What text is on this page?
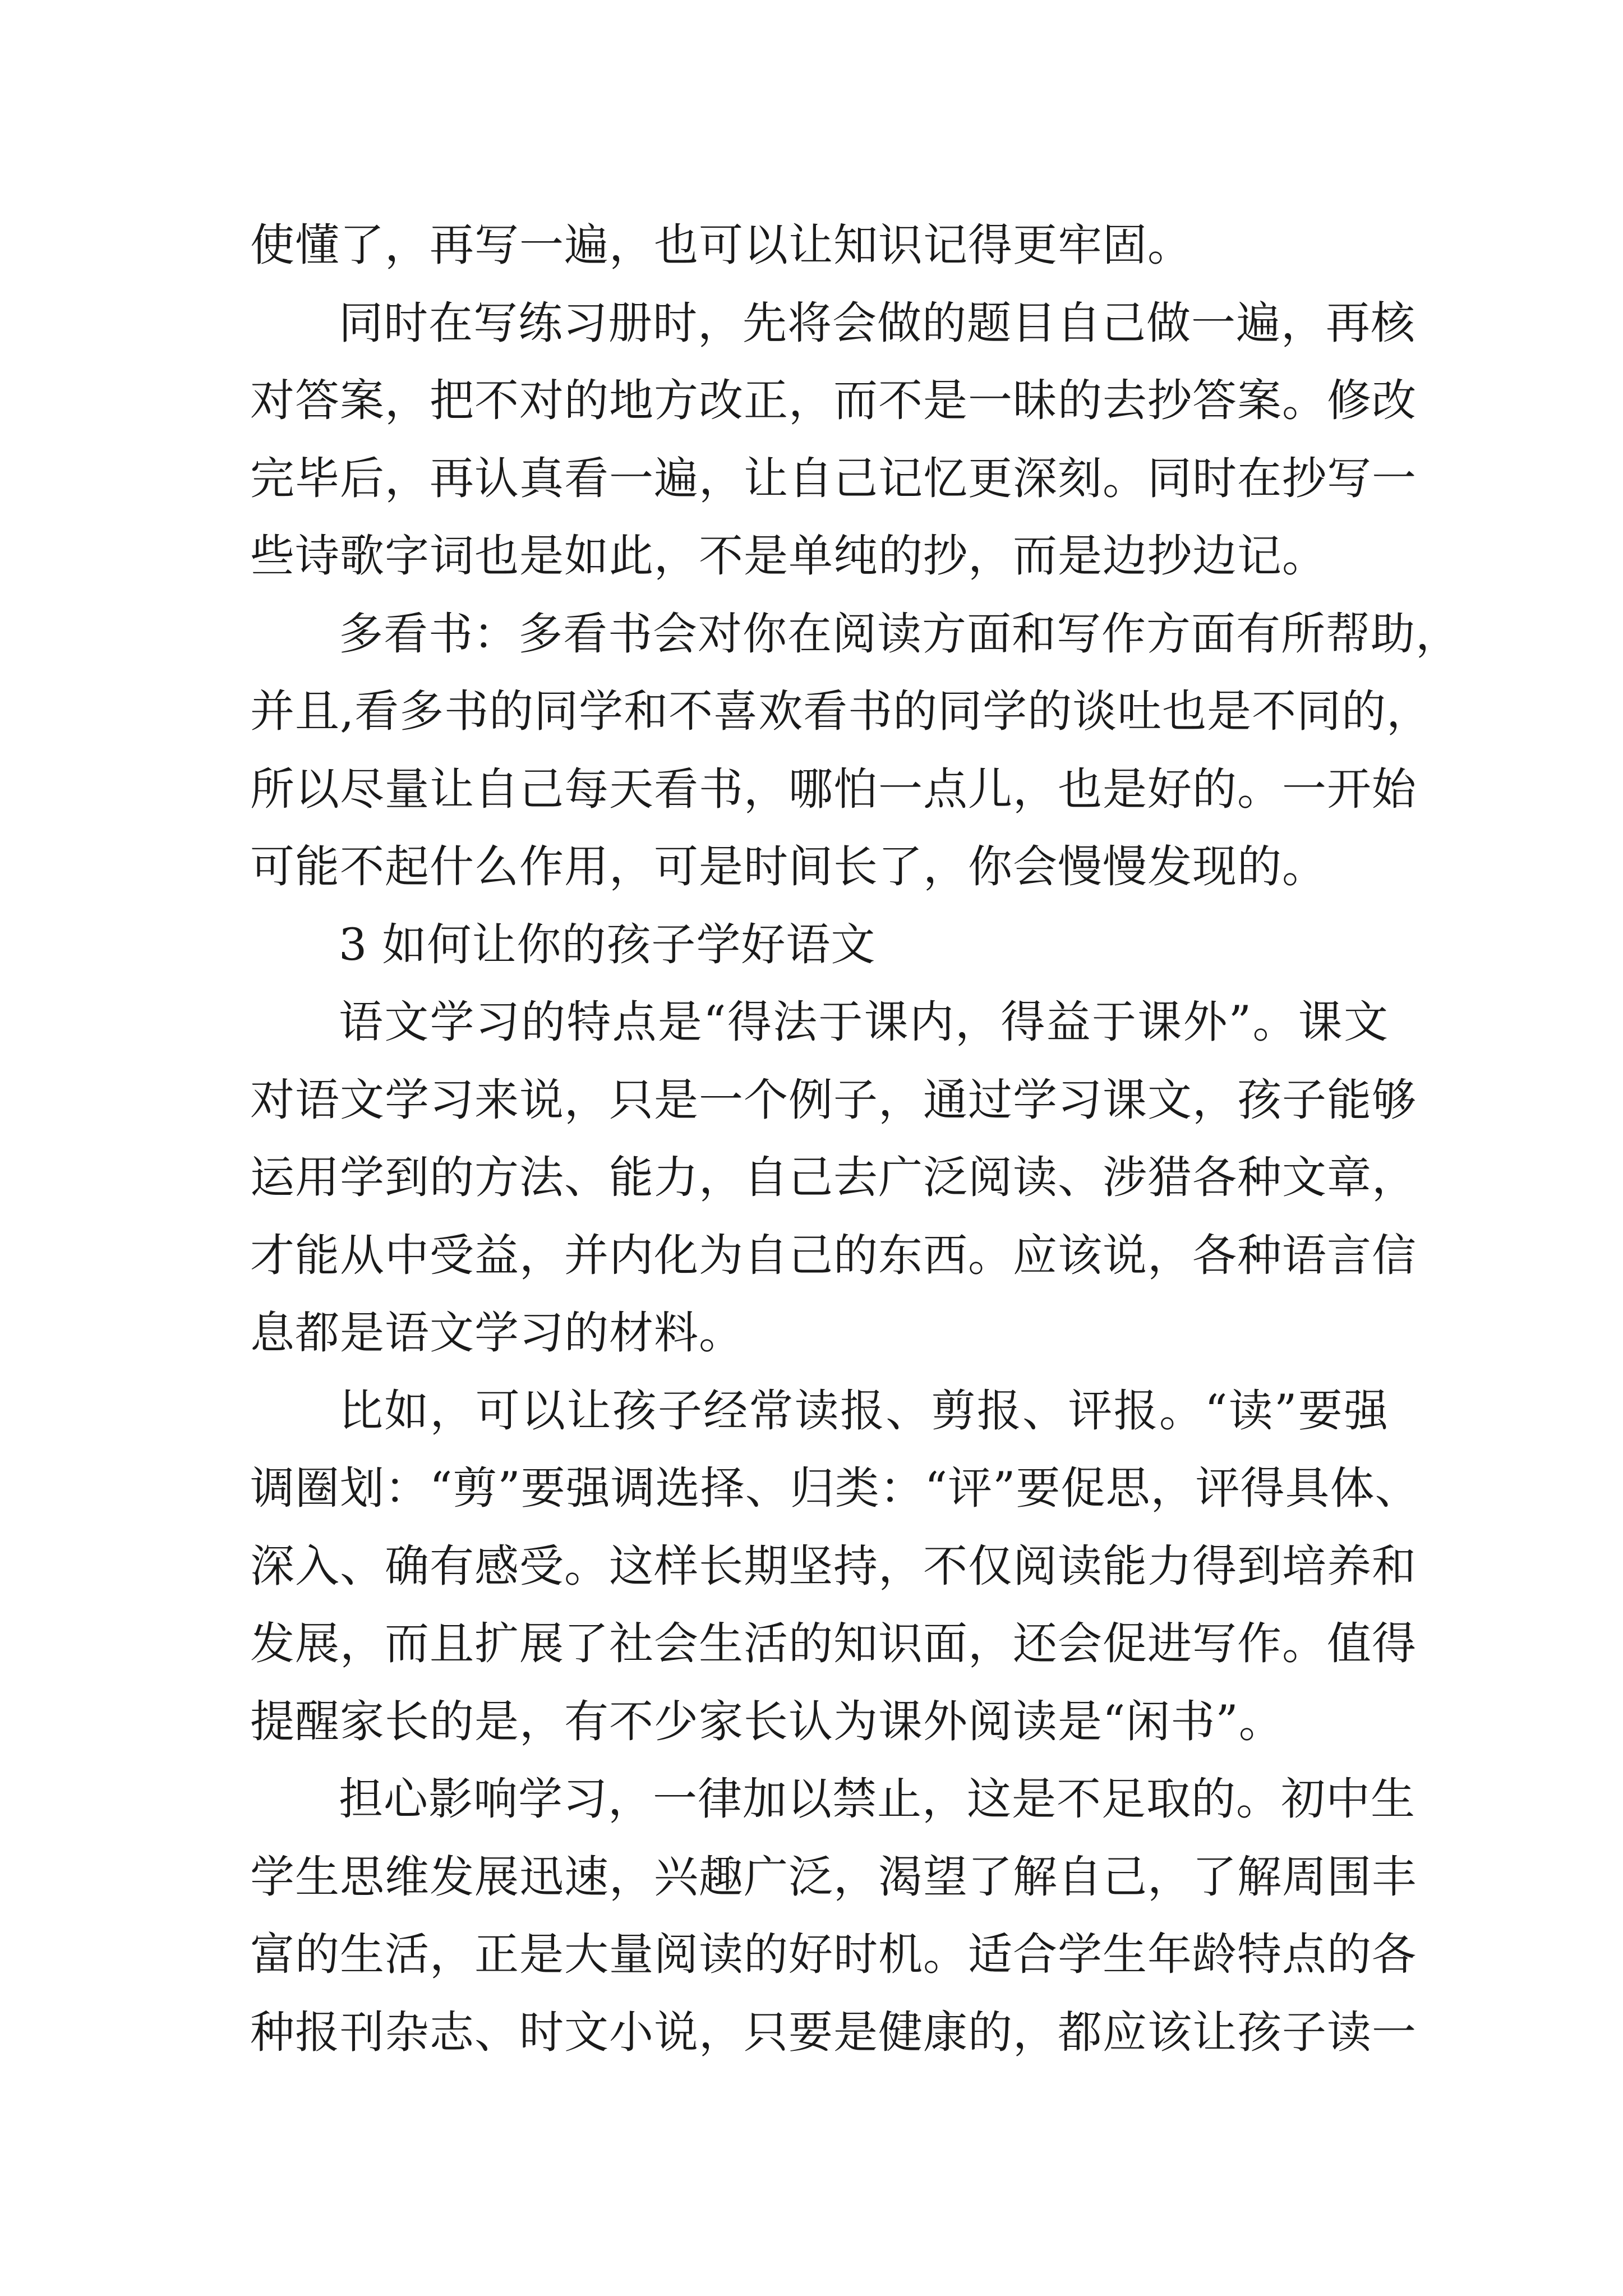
使懂了，再写一遍，也可以让知识记得更牢固。
同时在写练习册时，先将会做的题目自己做一遍，再核
对答案，把不对的地方改正，而不是一昧的去抄答案。修改
完毕后，再认真看一遍，让自己记忆更深刻。同时在抄写一
些诗歌字词也是如此，不是单纯的抄，而是边抄边记。
多看书：多看书会对你在阅读方面和写作方面有所帮助，
并且,看多书的同学和不喜欢看书的同学的谈吐也是不同的，
所以尽量让自己每天看书，哪怕一点儿，也是好的。一开始
可能不起什么作用，可是时间长了，你会慢慢发现的。
3 如何让你的孩子学好语文
语文学习的特点是“得法于课内，得益于课外”。课文
对语文学习来说，只是一个例子，通过学习课文，孩子能够
运用学到的方法、能力，自己去广泛阅读、涉猎各种文章，
才能从中受益，并内化为自己的东西。应该说，各种语言信
息都是语文学习的材料。
比如，可以让孩子经常读报、剪报、评报。“读”要强
调圈划：“剪”要强调选择、归类：“评”要促思，评得具体、
深入、确有感受。这样长期坚持，不仅阅读能力得到培养和
发展，而且扩展了社会生活的知识面，还会促进写作。值得
提醒家长的是，有不少家长认为课外阅读是“闲书”。
担心影响学习，一律加以禁止，这是不足取的。初中生
学生思维发展迅速，兴趣广泛，渴望了解自己，了解周围丰
富的生活，正是大量阅读的好时机。适合学生年龄特点的各
种报刊杂志、时文小说，只要是健康的，都应该让孩子读一
